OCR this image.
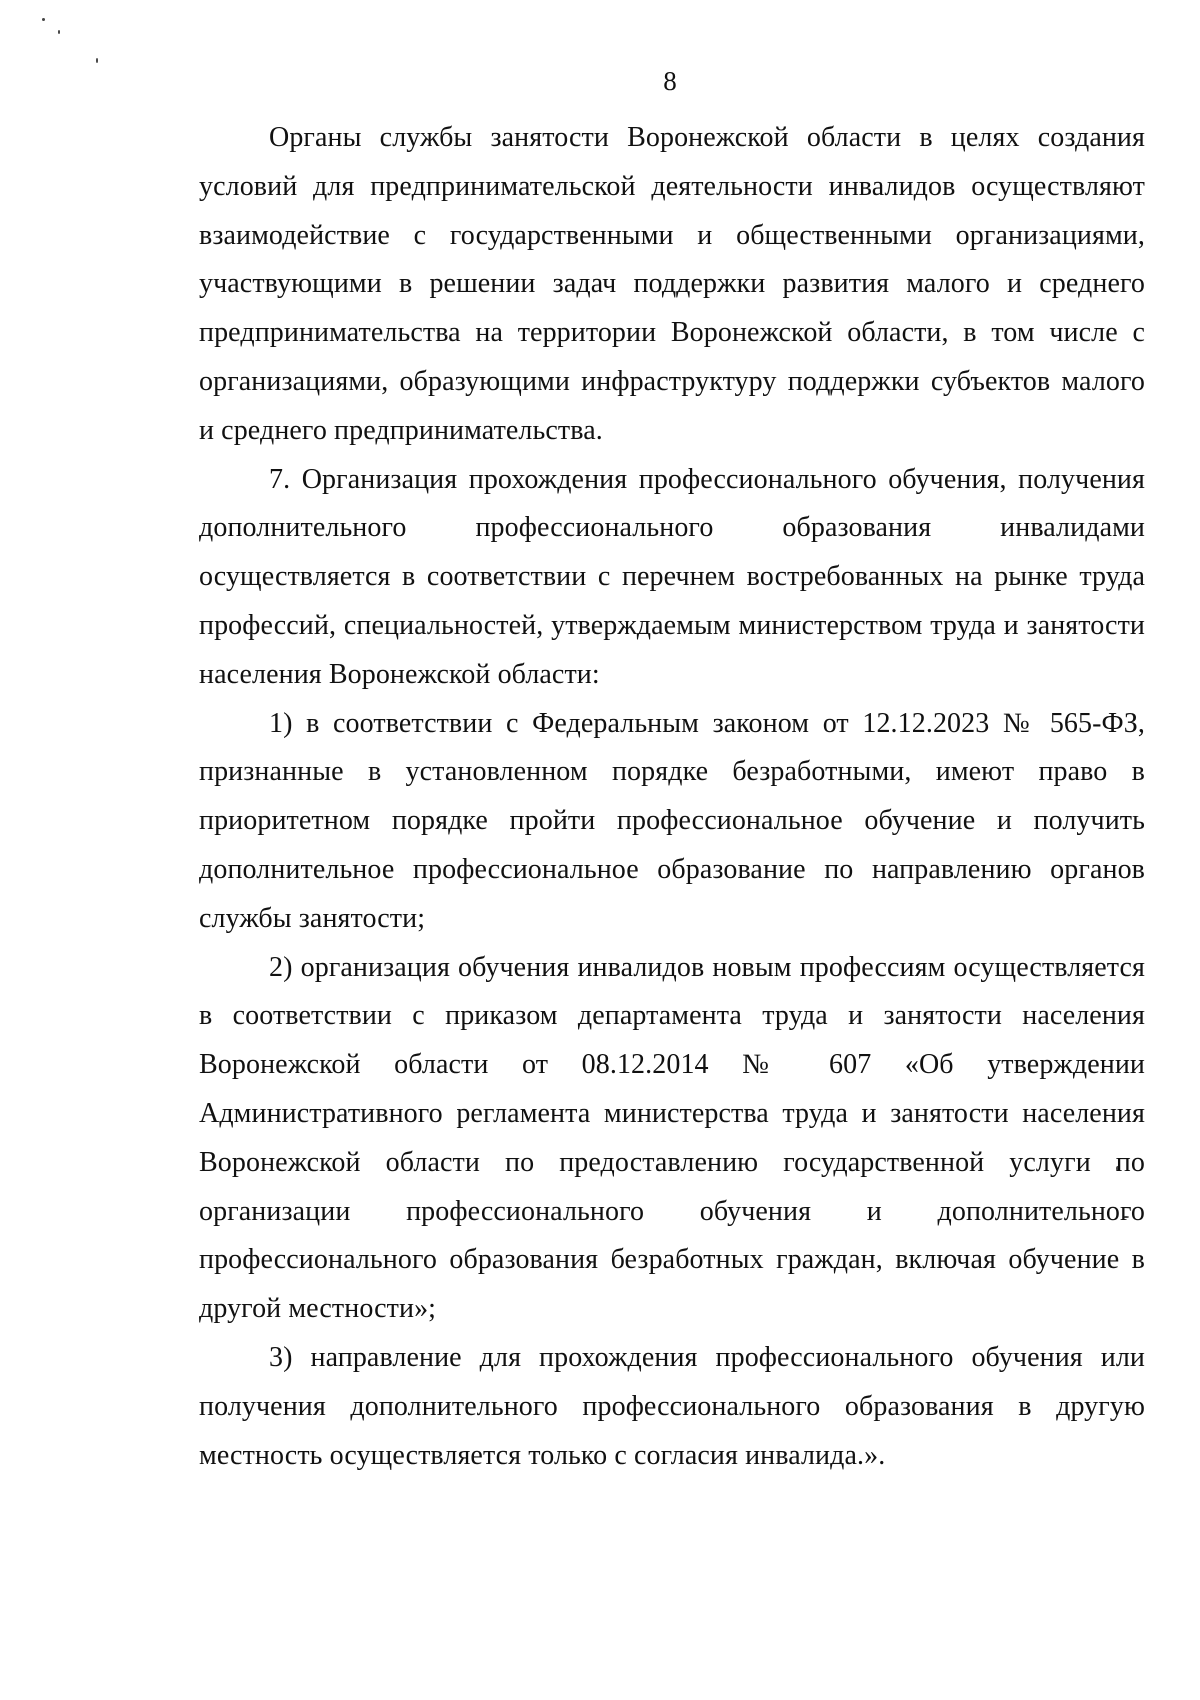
8

Органы службы занятости Воронежской области в целях создания условий для предпринимательской деятельности инвалидов осуществляют взаимодействие с государственными и общественными организациями, участвующими в решении задач поддержки развития малого и среднего предпринимательства на территории Воронежской области, в том числе с организациями, образующими инфраструктуру поддержки субъектов малого и среднего предпринимательства.

7. Организация прохождения профессионального обучения, получения дополнительного профессионального образования инвалидами осуществляется в соответствии с перечнем востребованных на рынке труда профессий, специальностей, утверждаемым министерством труда и занятости населения Воронежской области:

1) в соответствии с Федеральным законом от 12.12.2023 № 565-ФЗ, признанные в установленном порядке безработными, имеют право в приоритетном порядке пройти профессиональное обучение и получить дополнительное профессиональное образование по направлению органов службы занятости;

2) организация обучения инвалидов новым профессиям осуществляется в соответствии с приказом департамента труда и занятости населения Воронежской области от 08.12.2014 № 607 «Об утверждении Административного регламента министерства труда и занятости населения Воронежской области по предоставлению государственной услуги по организации профессионального обучения и дополнительного профессионального образования безработных граждан, включая обучение в другой местности»;

3) направление для прохождения профессионального обучения или получения дополнительного профессионального образования в другую местность осуществляется только с согласия инвалида.».
